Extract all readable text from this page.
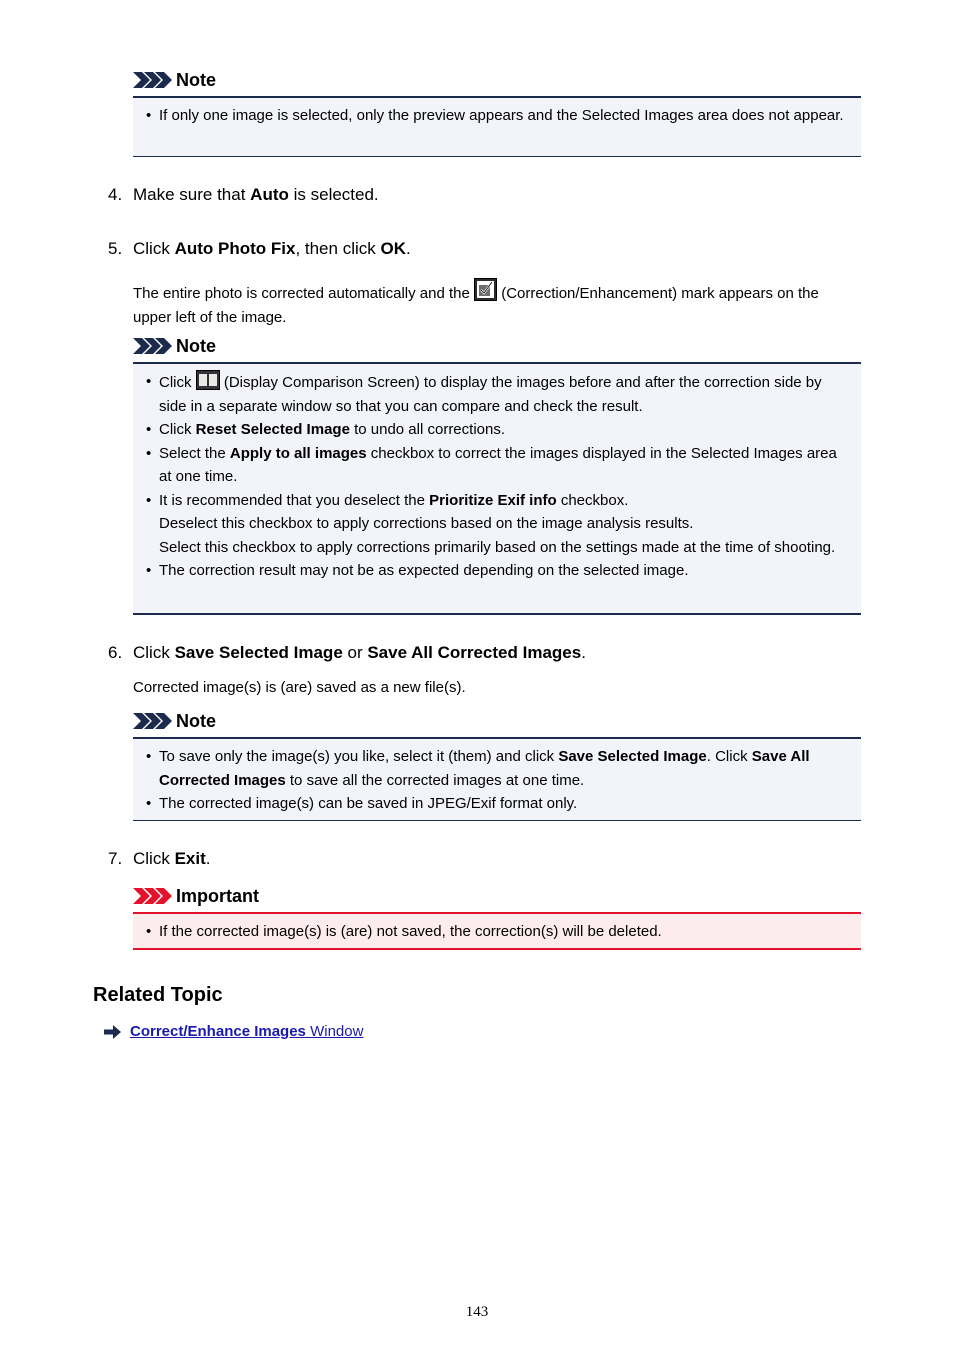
Note
• If only one image is selected, only the preview appears and the Selected Images area does not appear.
4. Make sure that Auto is selected.
5. Click Auto Photo Fix, then click OK.
The entire photo is corrected automatically and the  (Correction/Enhancement) mark appears on the upper left of the image.
Note
• Click  (Display Comparison Screen) to display the images before and after the correction side by side in a separate window so that you can compare and check the result.
• Click Reset Selected Image to undo all corrections.
• Select the Apply to all images checkbox to correct the images displayed in the Selected Images area at one time.
• It is recommended that you deselect the Prioritize Exif info checkbox.
Deselect this checkbox to apply corrections based on the image analysis results.
Select this checkbox to apply corrections primarily based on the settings made at the time of shooting.
• The correction result may not be as expected depending on the selected image.
6. Click Save Selected Image or Save All Corrected Images.
Corrected image(s) is (are) saved as a new file(s).
Note
• To save only the image(s) you like, select it (them) and click Save Selected Image. Click Save All Corrected Images to save all the corrected images at one time.
• The corrected image(s) can be saved in JPEG/Exif format only.
7. Click Exit.
Important
• If the corrected image(s) is (are) not saved, the correction(s) will be deleted.
Related Topic
Correct/Enhance Images Window
143
